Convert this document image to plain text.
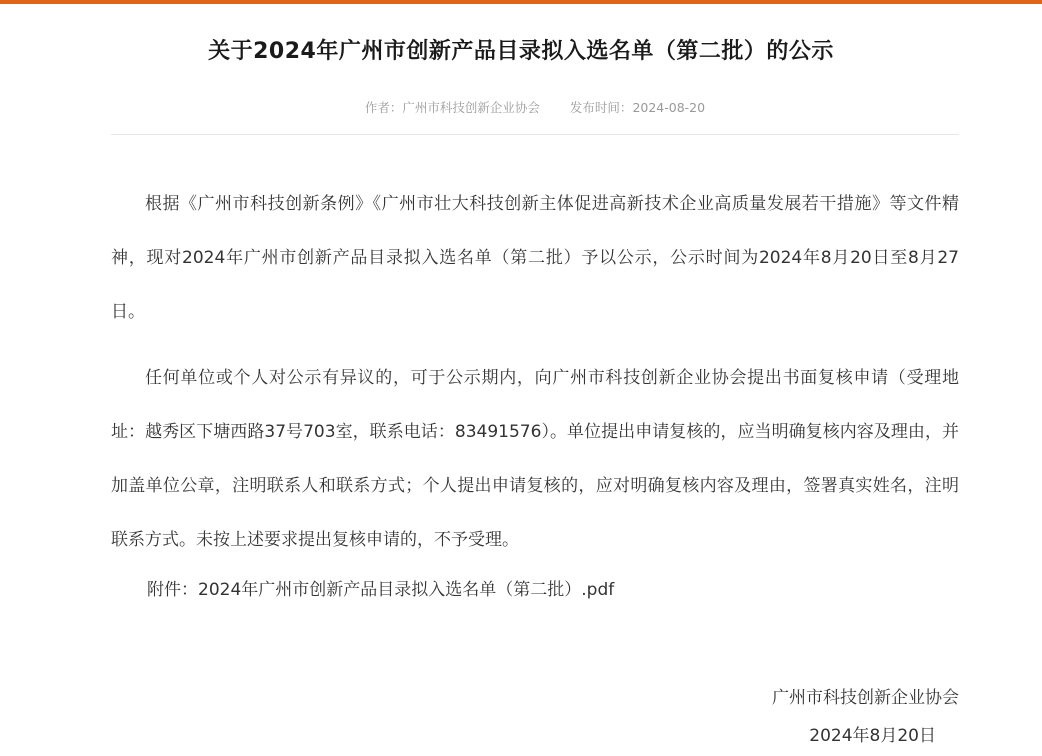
关于2024年广州市创新产品目录拟入选名单（第二批）的公示
作者：广州市科技创新企业协会 发布时间：2024-08-20

根据《广州市科技创新条例》《广州市壮大科技创新主体促进高新技术企业高质量发展若干措施》等文件精神，现对2024年广州市创新产品目录拟入选名单（第二批）予以公示，公示时间为2024年8月20日至8月27日。

任何单位或个人对公示有异议的，可于公示期内，向广州市科技创新企业协会提出书面复核申请（受理地址：越秀区下塘西路37号703室，联系电话：83491576）。单位提出申请复核的，应当明确复核内容及理由，并加盖单位公章，注明联系人和联系方式；个人提出申请复核的，应对明确复核内容及理由，签署真实姓名，注明联系方式。未按上述要求提出复核申请的，不予受理。

附件：2024年广州市创新产品目录拟入选名单（第二批）.pdf
广州市科技创新企业协会
2024年8月20日
